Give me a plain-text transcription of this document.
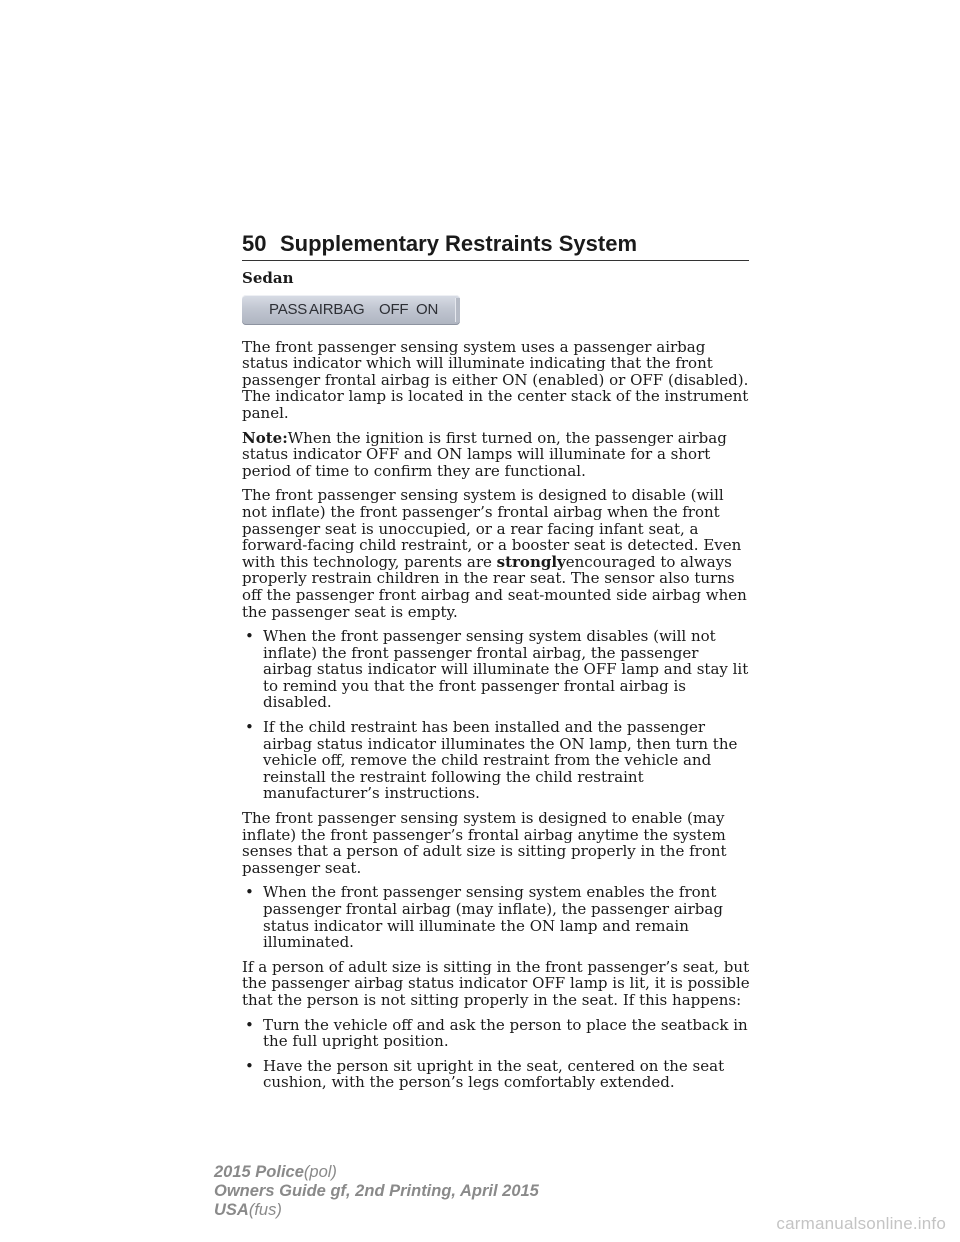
50 Supplementary Restraints System
Sedan
PASS AIRBAG OFF ON

The front passenger sensing system uses a passenger airbag status indicator which will illuminate indicating that the front passenger frontal airbag is either ON (enabled) or OFF (disabled). The indicator lamp is located in the center stack of the instrument panel.

Note:When the ignition is first turned on, the passenger airbag status indicator OFF and ON lamps will illuminate for a short period of time to confirm they are functional.

The front passenger sensing system is designed to disable (will not inflate) the front passenger’s frontal airbag when the front passenger seat is unoccupied, or a rear facing infant seat, a forward-facing child restraint, or a booster seat is detected. Even with this technology, parents are stronglyencouraged to always properly restrain children in the rear seat. The sensor also turns off the passenger front airbag and seat-mounted side airbag when the passenger seat is empty.

• When the front passenger sensing system disables (will not inflate) the front passenger frontal airbag, the passenger airbag status indicator will illuminate the OFF lamp and stay lit to remind you that the front passenger frontal airbag is disabled.
• If the child restraint has been installed and the passenger airbag status indicator illuminates the ON lamp, then turn the vehicle off, remove the child restraint from the vehicle and reinstall the restraint following the child restraint manufacturer’s instructions.

The front passenger sensing system is designed to enable (may inflate) the front passenger’s frontal airbag anytime the system senses that a person of adult size is sitting properly in the front passenger seat.

• When the front passenger sensing system enables the front passenger frontal airbag (may inflate), the passenger airbag status indicator will illuminate the ON lamp and remain illuminated.

If a person of adult size is sitting in the front passenger’s seat, but the passenger airbag status indicator OFF lamp is lit, it is possible that the person is not sitting properly in the seat. If this happens:

• Turn the vehicle off and ask the person to place the seatback in the full upright position.
• Have the person sit upright in the seat, centered on the seat cushion, with the person’s legs comfortably extended.
2015 Police(pol)
Owners Guide gf, 2nd Printing, April 2015
USA(fus)
carmanualsonline.info
